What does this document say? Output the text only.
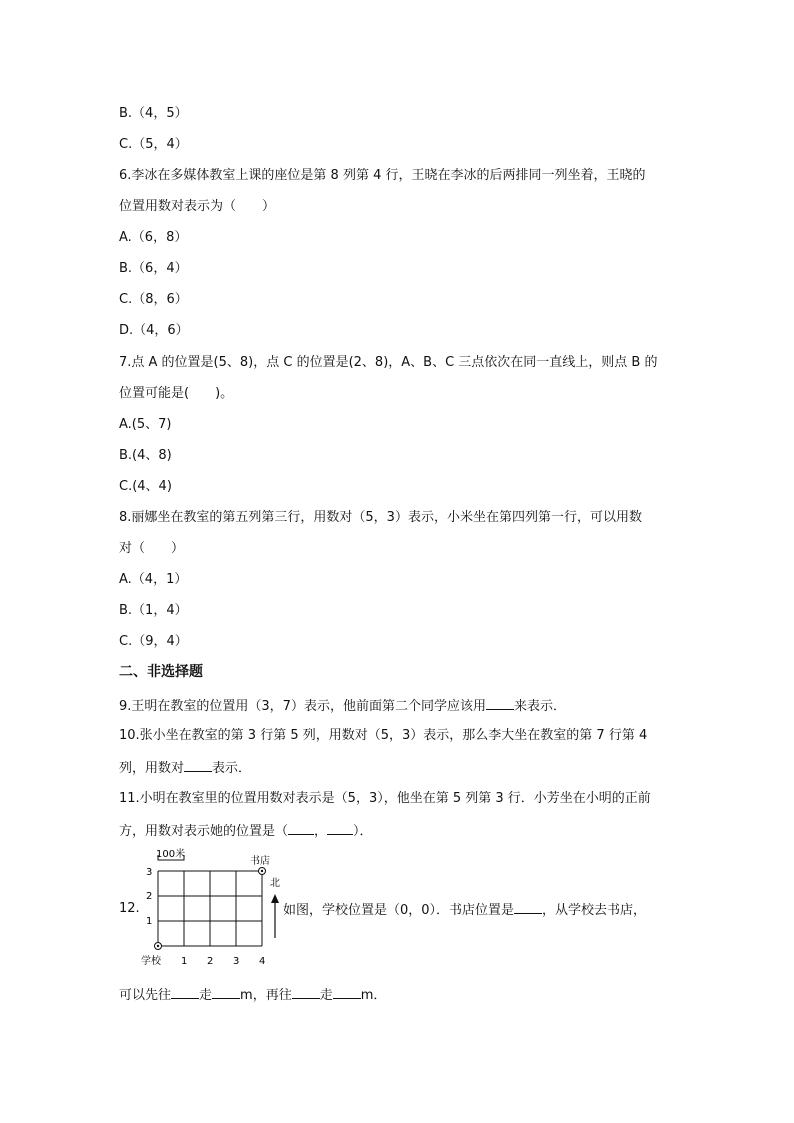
B.（4，5）
C.（5，4）
6.李冰在多媒体教室上课的座位是第 8 列第 4 行，王晓在李冰的后两排同一列坐着，王晓的
位置用数对表示为（　　）
A.（6，8）
B.（6，4）
C.（8，6）
D.（4，6）
7.点 A 的位置是(5、8)，点 C 的位置是(2、8)，A、B、C 三点依次在同一直线上，则点 B 的
位置可能是(　　)。
A.(5、7)
B.(4、8)
C.(4、4)
8.丽娜坐在教室的第五列第三行，用数对（5，3）表示，小米坐在第四列第一行，可以用数
对（　　）
A.（4，1）
B.（1，4）
C.（9，4）
二、非选择题
9.王明在教室的位置用（3，7）表示，他前面第二个同学应该用 来表示．
10.张小坐在教室的第 3 行第 5 列，用数对（5，3）表示，那么李大坐在教室的第 7 行第 4
列，用数对 表示．
11.小明在教室里的位置用数对表示是（5，3），他坐在第 5 列第 3 行．小芳坐在小明的正前
方，用数对表示她的位置是（ ， ）．
12.
100米
书店
北
1
2
3
1 2 3 4
学校
如图，学校位置是（0，0）．书店位置是 ，从学校去书店，
可以先往 走 m，再往 走 m．
